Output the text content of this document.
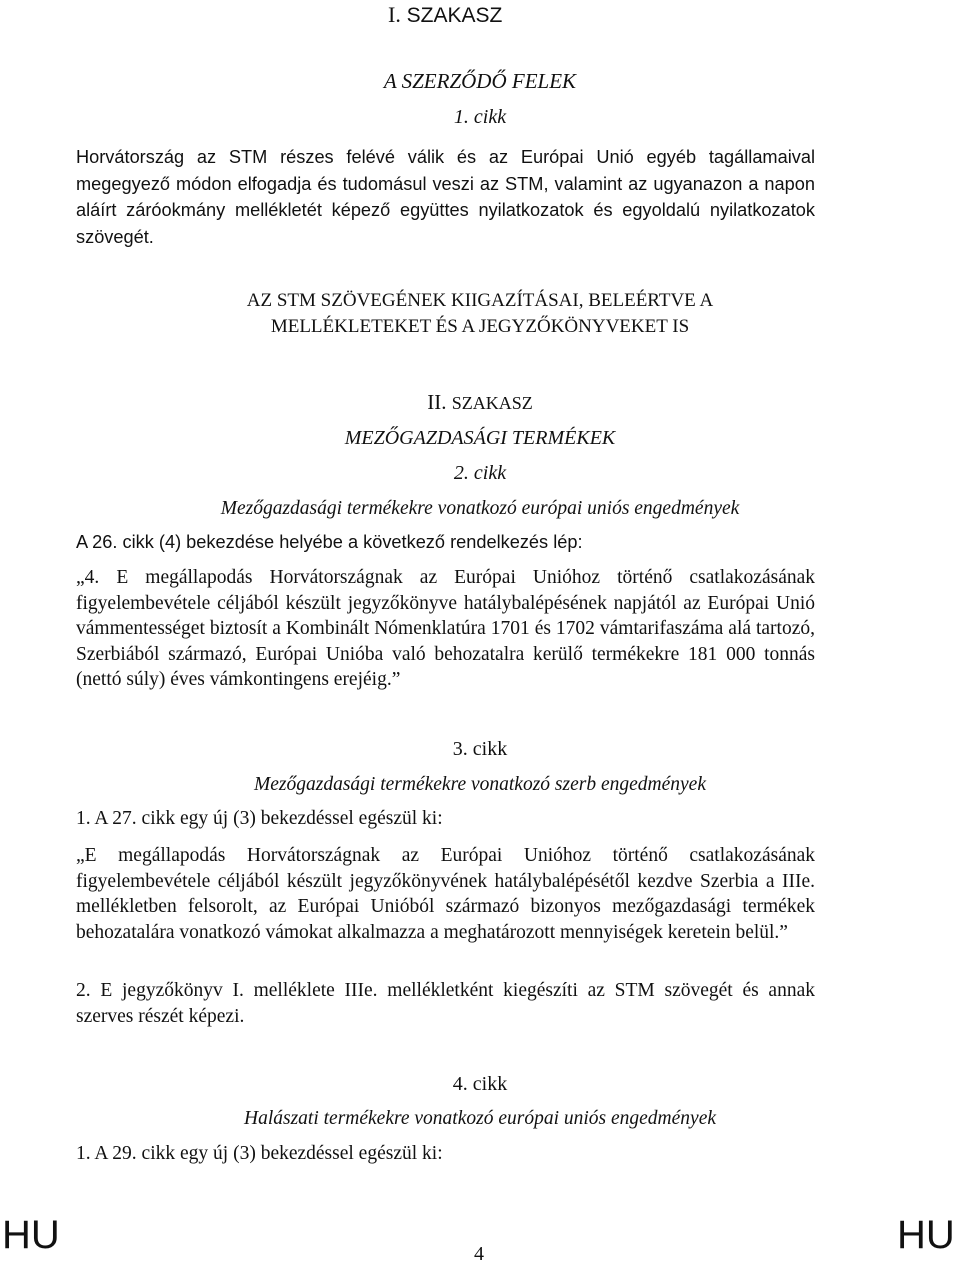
I. SZAKASZ
A SZERZŐDŐ FELEK
1. cikk
Horvátország az STM részes felévé válik és az Európai Unió egyéb tagállamaival megegyező módon elfogadja és tudomásul veszi az STM, valamint az ugyanazon a napon aláírt záróokmány mellékletét képező együttes nyilatkozatok és egyoldalú nyilatkozatok szövegét.
AZ STM SZÖVEGÉNEK KIIGAZÍTÁSAI, BELEÉRTVE A
MELLÉKLETEKET ÉS A JEGYZŐKÖNYVEKET IS
II. SZAKASZ
MEZŐGAZDASÁGI TERMÉKEK
2. cikk
Mezőgazdasági termékekre vonatkozó európai uniós engedmények
A 26. cikk (4) bekezdése helyébe a következő rendelkezés lép:
„4. E megállapodás Horvátországnak az Európai Unióhoz történő csatlakozásának figyelembevétele céljából készült jegyzőkönyve hatálybalépésének napjától az Európai Unió vámmentességet biztosít a Kombinált Nómenklatúra 1701 és 1702 vámtarifaszáma alá tartozó, Szerbiából származó, Európai Unióba való behozatalra kerülő termékekre 181 000 tonnás (nettó súly) éves vámkontingens erejéig.”
3. cikk
Mezőgazdasági termékekre vonatkozó szerb engedmények
1. A 27. cikk egy új (3) bekezdéssel egészül ki:
„E megállapodás Horvátországnak az Európai Unióhoz történő csatlakozásának figyelembevétele céljából készült jegyzőkönyvének hatálybalépésétől kezdve Szerbia a IIIe. mellékletben felsorolt, az Európai Unióból származó bizonyos mezőgazdasági termékek behozatalára vonatkozó vámokat alkalmazza a meghatározott mennyiségek keretein belül.”
2. E jegyzőkönyv I. melléklete IIIe. mellékletként kiegészíti az STM szövegét és annak szerves részét képezi.
4. cikk
Halászati termékekre vonatkozó európai uniós engedmények
1. A 29. cikk egy új (3) bekezdéssel egészül ki:
HU	4	HU
